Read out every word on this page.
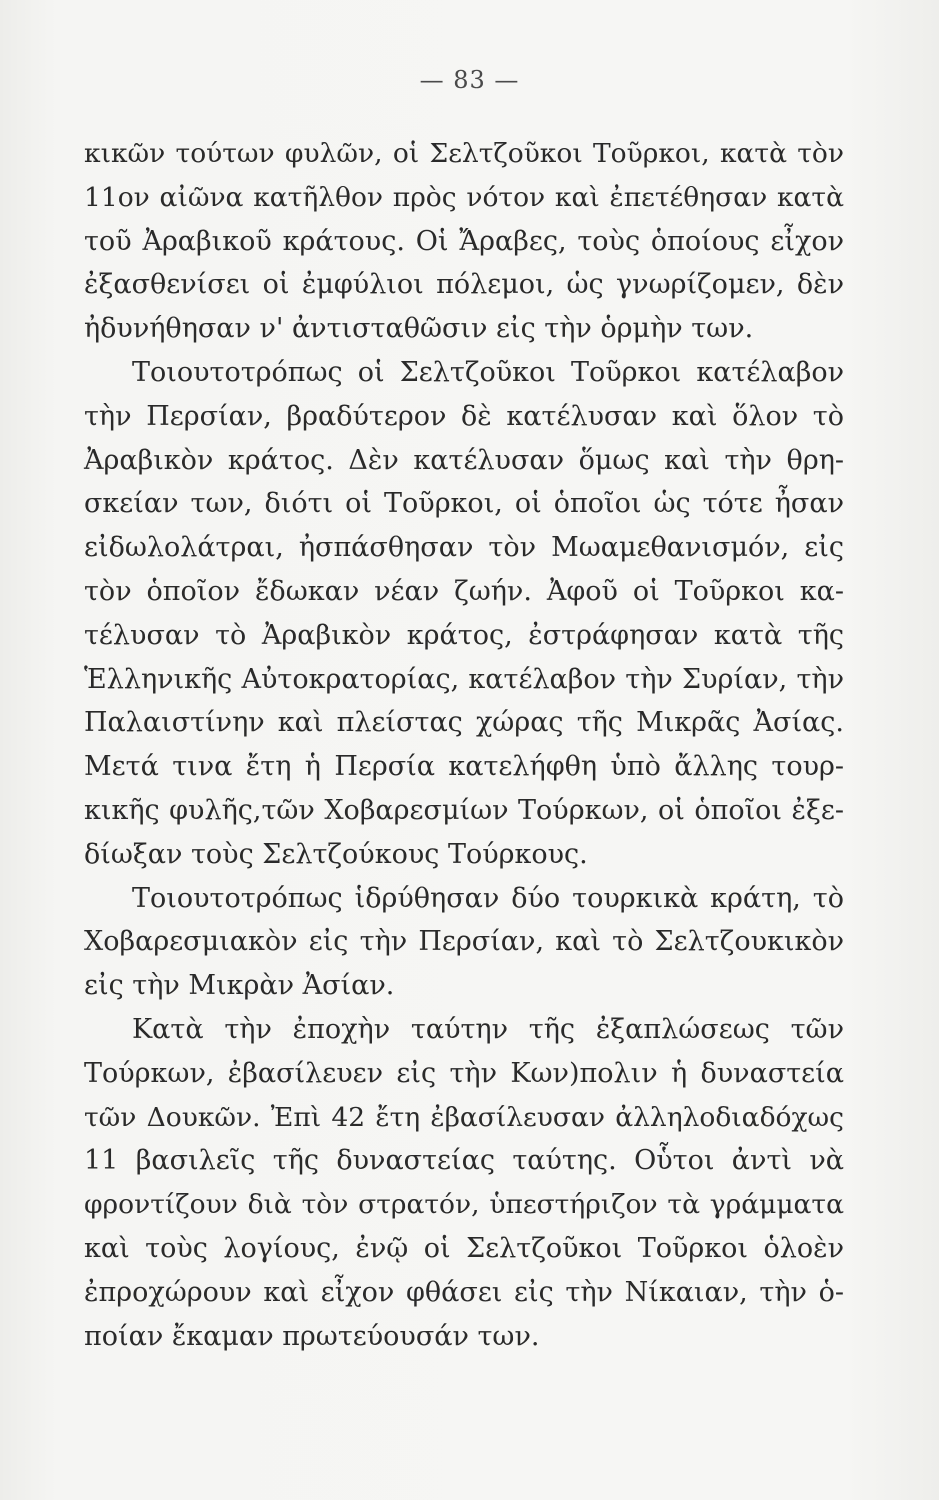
— 83 —
κικῶν τούτων φυλῶν, οἱ Σελτζοῦκοι Τοῦρκοι, κατὰ τὸν
11ον αἰῶνα κατῆλθον πρὸς νότον καὶ ἐπετέθησαν κατὰ
τοῦ Ἀραβικοῦ κράτους. Οἱ Ἄραβες, τοὺς ὁποίους εἶχον
ἐξασθενίσει οἱ ἐμφύλιοι πόλεμοι, ὡς γνωρίζομεν, δὲν
ἠδυνήθησαν ν' ἀντισταθῶσιν εἰς τὴν ὁρμὴν των.
Τοιουτοτρόπως οἱ Σελτζοῦκοι Τοῦρκοι κατέλαβον
τὴν Περσίαν, βραδύτερον δὲ κατέλυσαν καὶ ὅλον τὸ
Ἀραβικὸν κράτος. Δὲν κατέλυσαν ὅμως καὶ τὴν θρη-
σκείαν των, διότι οἱ Τοῦρκοι, οἱ ὁποῖοι ὡς τότε ἦσαν
εἰδωλολάτραι, ἠσπάσθησαν τὸν Μωαμεθανισμόν, εἰς
τὸν ὁποῖον ἔδωκαν νέαν ζωήν. Ἀφοῦ οἱ Τοῦρκοι κα-
τέλυσαν τὸ Ἀραβικὸν κράτος, ἐστράφησαν κατὰ τῆς
Ἑλληνικῆς Αὐτοκρατορίας, κατέλαβον τὴν Συρίαν, τὴν
Παλαιστίνην καὶ πλείστας χώρας τῆς Μικρᾶς Ἀσίας.
Μετά τινα ἔτη ἡ Περσία κατελήφθη ὑπὸ ἄλλης τουρ-
κικῆς φυλῆς,τῶν Χοβαρεσμίων Τούρκων, οἱ ὁποῖοι ἐξε-
δίωξαν τοὺς Σελτζούκους Τούρκους.
Τοιουτοτρόπως ἱδρύθησαν δύο τουρκικὰ κράτη, τὸ
Χοβαρεσμιακὸν εἰς τὴν Περσίαν, καὶ τὸ Σελτζουκικὸν
εἰς τὴν Μικρὰν Ἀσίαν.
Κατὰ τὴν ἐποχὴν ταύτην τῆς ἐξαπλώσεως τῶν
Τούρκων, ἐβασίλευεν εἰς τὴν Κων)πολιν ἡ δυναστεία
τῶν Δουκῶν. Ἐπὶ 42 ἔτη ἐβασίλευσαν ἀλληλοδιαδόχως
11 βασιλεῖς τῆς δυναστείας ταύτης. Οὗτοι ἀντὶ νὰ
φροντίζουν διὰ τὸν στρατόν, ὑπεστήριζον τὰ γράμματα
καὶ τοὺς λογίους, ἐνῷ οἱ Σελτζοῦκοι Τοῦρκοι ὁλοὲν
ἐπροχώρουν καὶ εἶχον φθάσει εἰς τὴν Νίκαιαν, τὴν ὁ-
ποίαν ἔκαμαν πρωτεύουσάν των.
